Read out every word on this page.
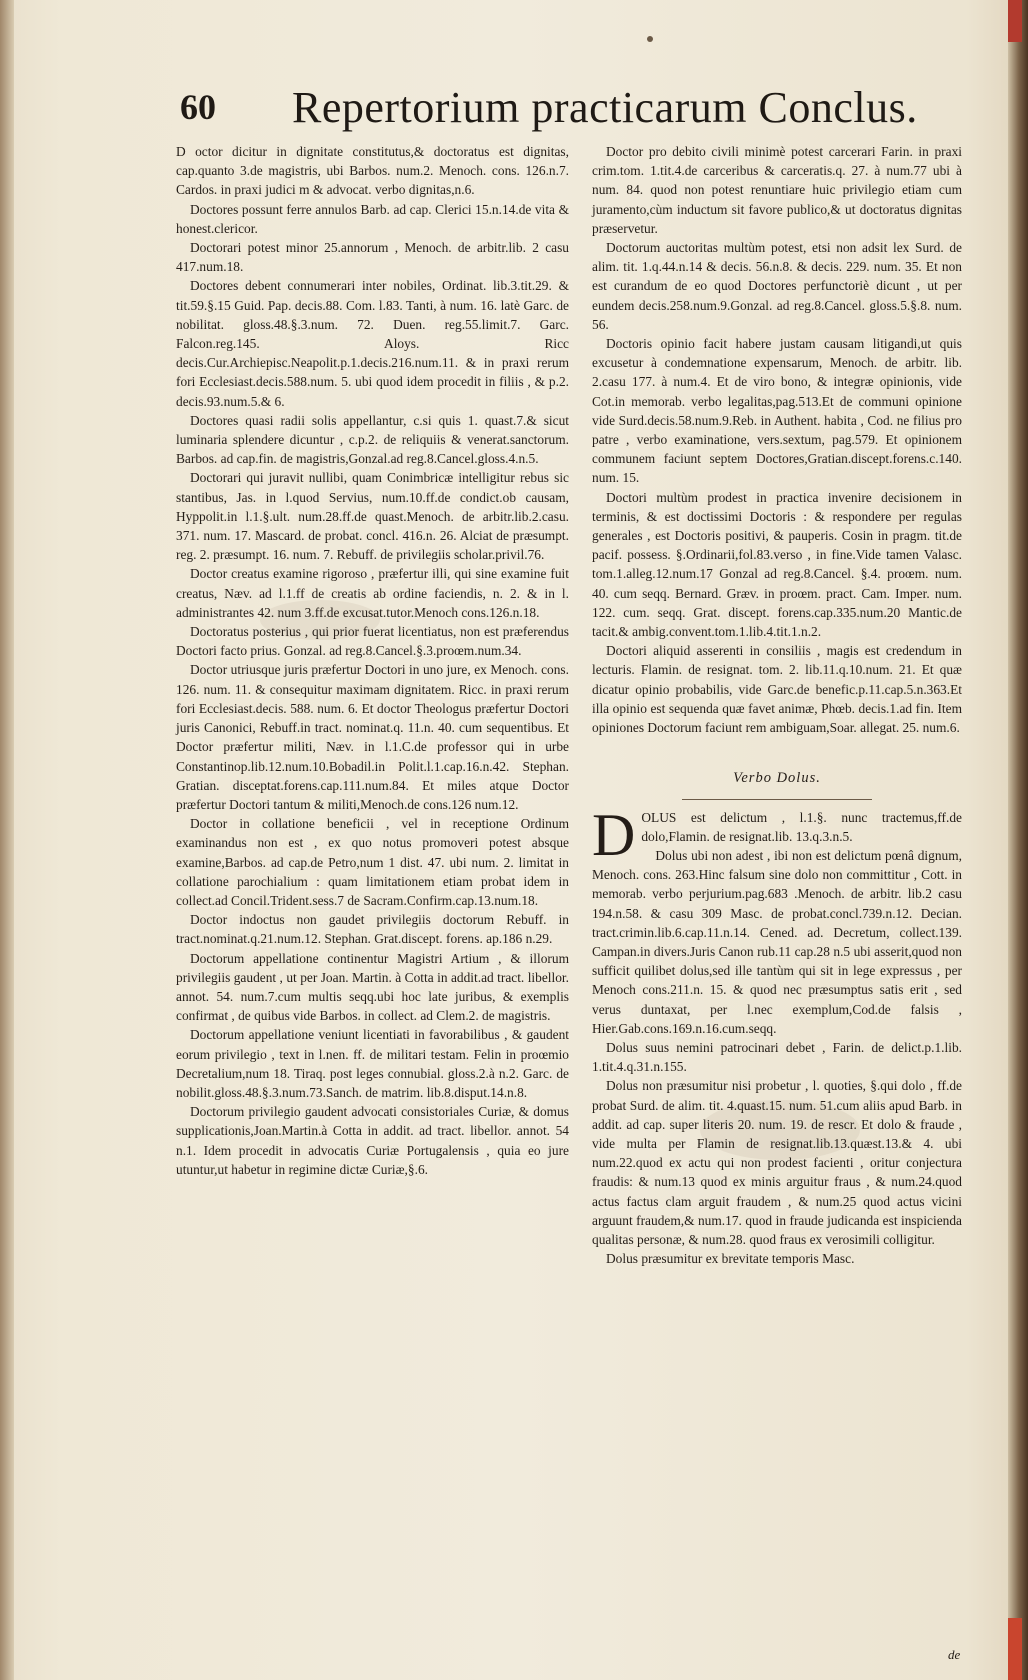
60 Repertorium practicarum Conclus.

D octor dicitur in dignitate constitutus,& doctoratus est dignitas, cap.quanto 3.de magistris, ubi Barbos. num.2. Menoch. cons. 126.n.7. Cardos. in praxi judici m & advocat. verbo dignitas,n.6.

Doctores possunt ferre annulos Barb. ad cap. Clerici 15.n.14.de vita & honest.clericor.

Doctorari potest minor 25.annorum , Menoch. de arbitr.lib. 2 casu 417.num.18.

Doctores debent connumerari inter nobiles, Ordinat. lib.3.tit.29. & tit.59.§.15 Guid. Pap. decis.88. Com. l.83. Tanti, à num. 16. latè Garc. de nobilitat. gloss.48.§.3.num. 72. Duen. reg.55.limit.7. Garc. Falcon.reg.145. Aloys. Ricc decis.Cur.Archiepisc.Neapolit.p.1.decis.216.num.11. & in praxi rerum fori Ecclesiast.decis.588.num. 5. ubi quod idem procedit in filiis , & p.2. decis.93.num.5.& 6.

Doctores quasi radii solis appellantur, c.si quis 1. quast.7.& sicut luminaria splendere dicuntur , c.p.2. de reliquiis & venerat.sanctorum. Barbos. ad cap.fin. de magistris,Gonzal.ad reg.8.Cancel.gloss.4.n.5.

Doctorari qui juravit nullibi, quam Conimbricæ intelligitur rebus sic stantibus, Jas. in l.quod Servius, num.10.ff.de condict.ob causam, Hyppolit.in l.1.§.ult. num.28.ff.de quast.Menoch. de arbitr.lib.2.casu. 371. num. 17. Mascard. de probat. concl. 416.n. 26. Alciat de præsumpt. reg. 2. præsumpt. 16. num. 7. Rebuff. de privilegiis scholar.privil.76.

Doctor creatus examine rigoroso , præfertur illi, qui sine examine fuit creatus, Næv. ad l.1.ff de creatis ab ordine faciendis, n. 2. & in l. administrantes 42. num 3.ff.de excusat.tutor.Menoch cons.126.n.18.

Doctoratus posterius , qui prior fuerat licentiatus, non est præferendus Doctori facto prius. Gonzal. ad reg.8.Cancel.§.3.proœm.num.34.

Doctor utriusque juris præfertur Doctori in uno jure, ex Menoch. cons. 126. num. 11. & consequitur maximam dignitatem. Ricc. in praxi rerum fori Ecclesiast.decis. 588. num. 6. Et doctor Theologus præfertur Doctori juris Canonici, Rebuff.in tract. nominat.q. 11.n. 40. cum sequentibus. Et Doctor præfertur militi, Næv. in l.1.C.de professor qui in urbe Constantinop.lib.12.num.10.Bobadil.in Polit.l.1.cap.16.n.42. Stephan. Gratian. disceptat.forens.cap.111.num.84. Et miles atque Doctor præfertur Doctori tantum & militi,Menoch.de cons.126 num.12.

Doctor in collatione beneficii , vel in receptione Ordinum examinandus non est , ex quo notus promoveri potest absque examine,Barbos. ad cap.de Petro,num 1 dist. 47. ubi num. 2. limitat in collatione parochialium : quam limitationem etiam probat idem in collect.ad Concil.Trident.sess.7 de Sacram.Confirm.cap.13.num.18.

Doctor indoctus non gaudet privilegiis doctorum Rebuff. in tract.nominat.q.21.num.12. Stephan. Grat.discept. forens. ap.186 n.29.

Doctorum appellatione continentur Magistri Artium , & illorum privilegiis gaudent , ut per Joan. Martin. à Cotta in addit.ad tract. libellor. annot. 54. num.7.cum multis seqq.ubi hoc late juribus, & exemplis confirmat , de quibus vide Barbos. in collect. ad Clem.2. de magistris.

Doctorum appellatione veniunt licentiati in favorabilibus , & gaudent eorum privilegio , text in l.nen. ff. de militari testam. Felin in proœmio Decretalium,num 18. Tiraq. post leges connubial. gloss.2.à n.2. Garc. de nobilit.gloss.48.§.3.num.73.Sanch. de matrim. lib.8.disput.14.n.8.

Doctorum privilegio gaudent advocati consistoriales Curiæ, & domus supplicationis,Joan.Martin.à Cotta in addit. ad tract. libellor. annot. 54 n.1. Idem procedit in advocatis Curiæ Portugalensis , quia eo jure utuntur,ut habetur in regimine dictæ Curiæ,§.6.

Doctor pro debito civili minimè potest carcerari Farin. in praxi crim.tom. 1.tit.4.de carceribus & carceratis.q. 27. à num.77 ubi à num. 84. quod non potest renuntiare huic privilegio etiam cum juramento,cùm inductum sit favore publico,& ut doctoratus dignitas præservetur.

Doctorum auctoritas multùm potest, etsi non adsit lex Surd. de alim. tit. 1.q.44.n.14 & decis. 56.n.8. & decis. 229. num. 35. Et non est curandum de eo quod Doctores perfunctoriè dicunt , ut per eundem decis.258.num.9.Gonzal. ad reg.8.Cancel. gloss.5.§.8. num. 56.

Doctoris opinio facit habere justam causam litigandi,ut quis excusetur à condemnatione expensarum, Menoch. de arbitr. lib. 2.casu 177. à num.4. Et de viro bono, & integræ opinionis, vide Cot.in memorab. verbo legalitas,pag.513.Et de communi opinione vide Surd.decis.58.num.9.Reb. in Authent. habita , Cod. ne filius pro patre , verbo examinatione, vers.sextum, pag.579. Et opinionem communem faciunt septem Doctores,Gratian.discept.forens.c.140. num. 15.

Doctori multùm prodest in practica invenire decisionem in terminis, & est doctissimi Doctoris : & respondere per regulas generales , est Doctoris positivi, & pauperis. Cosin in pragm. tit.de pacif. possess. §.Ordinarii,fol.83.verso , in fine.Vide tamen Valasc. tom.1.alleg.12.num.17 Gonzal ad reg.8.Cancel. §.4. proœm. num. 40. cum seqq. Bernard. Græv. in proœm. pract. Cam. Imper. num. 122. cum. seqq. Grat. discept. forens.cap.335.num.20 Mantic.de tacit.& ambig.convent.tom.1.lib.4.tit.1.n.2.

Doctori aliquid asserenti in consiliis , magis est credendum in lecturis. Flamin. de resignat. tom. 2. lib.11.q.10.num. 21. Et quæ dicatur opinio probabilis, vide Garc.de benefic.p.11.cap.5.n.363.Et illa opinio est sequenda quæ favet animæ, Phœb. decis.1.ad fin. Item opiniones Doctorum faciunt rem ambiguam,Soar. allegat. 25. num.6.

Verbo Dolus.

DOLUS est delictum , l.1.§. nunc tractemus,ff.de dolo,Flamin. de resignat.lib. 13.q.3.n.5.

Dolus ubi non adest , ibi non est delictum pœnâ dignum, Menoch. cons. 263.Hinc falsum sine dolo non committitur , Cott. in memorab. verbo perjurium.pag.683 .Menoch. de arbitr. lib.2 casu 194.n.58. & casu 309 Masc. de probat.concl.739.n.12. Decian. tract.crimin.lib.6.cap.11.n.14. Cened. ad. Decretum, collect.139. Campan.in divers.Juris Canon rub.11 cap.28 n.5 ubi asserit,quod non sufficit quilibet dolus,sed ille tantùm qui sit in lege expressus , per Menoch cons.211.n. 15. & quod nec præsumptus satis erit , sed verus duntaxat, per l.nec exemplum,Cod.de falsis , Hier.Gab.cons.169.n.16.cum.seqq.

Dolus suus nemini patrocinari debet , Farin. de delict.p.1.lib. 1.tit.4.q.31.n.155.

Dolus non præsumitur nisi probetur , l. quoties, §.qui dolo , ff.de probat Surd. de alim. tit. 4.quast.15. num. 51.cum aliis apud Barb. in addit. ad cap. super literis 20. num. 19. de rescr. Et dolo & fraude , vide multa per Flamin de resignat.lib.13.quæst.13.& 4. ubi num.22.quod ex actu qui non prodest facienti , oritur conjectura fraudis: & num.13 quod ex minis arguitur fraus , & num.24.quod actus factus clam arguit fraudem , & num.25 quod actus vicini arguunt fraudem,& num.17. quod in fraude judicanda est inspicienda qualitas personæ, & num.28. quod fraus ex verosimili colligitur.

Dolus præsumitur ex brevitate temporis Masc.

de
